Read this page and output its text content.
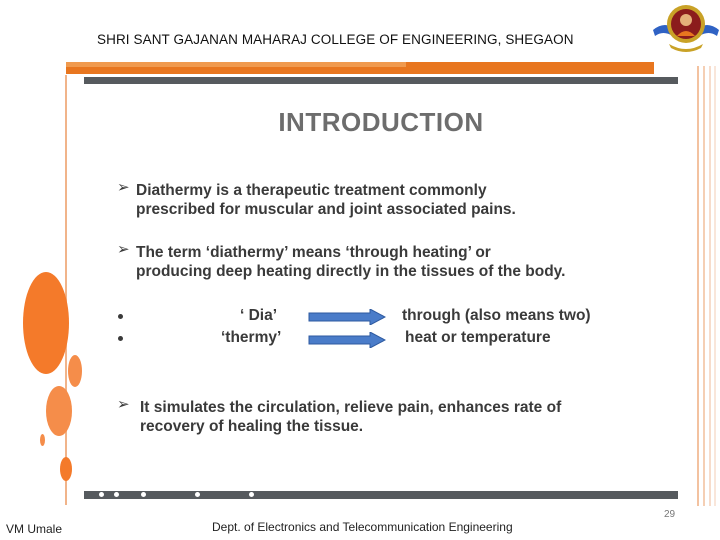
SHRI SANT GAJANAN MAHARAJ COLLEGE OF ENGINEERING, SHEGAON
INTRODUCTION
➢ Diathermy is a therapeutic treatment commonly
prescribed for muscular and joint associated pains.
➢ The term ‘diathermy’ means ‘through heating’ or
producing deep heating directly in the tissues of the body.
‘ Dia’	through (also means two)
‘thermy’	heat or temperature
➢ It simulates the circulation, relieve pain, enhances rate of
recovery of healing the tissue.
VM Umale	Dept. of Electronics and Telecommunication Engineering
29
